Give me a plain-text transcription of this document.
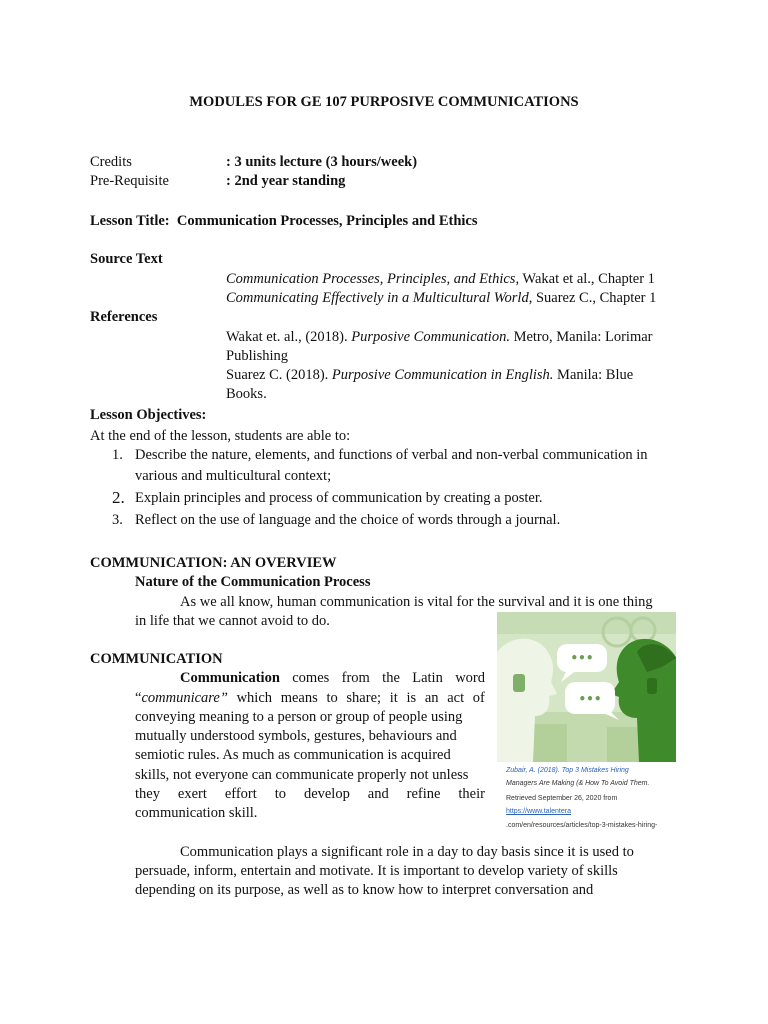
MODULES FOR GE 107 PURPOSIVE COMMUNICATIONS
Credits	: 3 units lecture (3 hours/week)
Pre-Requisite	: 2nd year standing
Lesson Title: Communication Processes, Principles and Ethics
Source Text
Communication Processes, Principles, and Ethics, Wakat et al., Chapter 1
Communicating Effectively in a Multicultural World, Suarez C., Chapter 1
References
Wakat et. al., (2018). Purposive Communication. Metro, Manila: Lorimar
Publishing
Suarez C. (2018). Purposive Communication in English. Manila: Blue
Books.
Lesson Objectives:
At the end of the lesson, students are able to:
1. Describe the nature, elements, and functions of verbal and non-verbal communication in
various and multicultural context;
2. Explain principles and process of communication by creating a poster.
3. Reflect on the use of language and the choice of words through a journal.
COMMUNICATION: AN OVERVIEW
Nature of the Communication Process
As we all know, human communication is vital for the survival and it is one thing
in life that we cannot avoid to do.
COMMUNICATION
Communication comes from the Latin word
“communicare” which means to share; it is an act of
conveying meaning to a person or group of people using
mutually understood symbols, gestures, behaviours and
semiotic rules. As much as communication is acquired
skills, not everyone can communicate properly not unless
they exert effort to develop and refine their
communication skill.
•••
•••
Zubair, A. (2018). Top 3 Mistakes Hiring
Managers Are Making (& How To Avoid Them.
Retrieved September 26, 2020 from
https://www.talentera
.com/en/resources/articles/top-3-mistakes-hiring-
Communication plays a significant role in a day to day basis since it is used to
persuade, inform, entertain and motivate. It is important to develop variety of skills
depending on its purpose, as well as to know how to interpret conversation and
